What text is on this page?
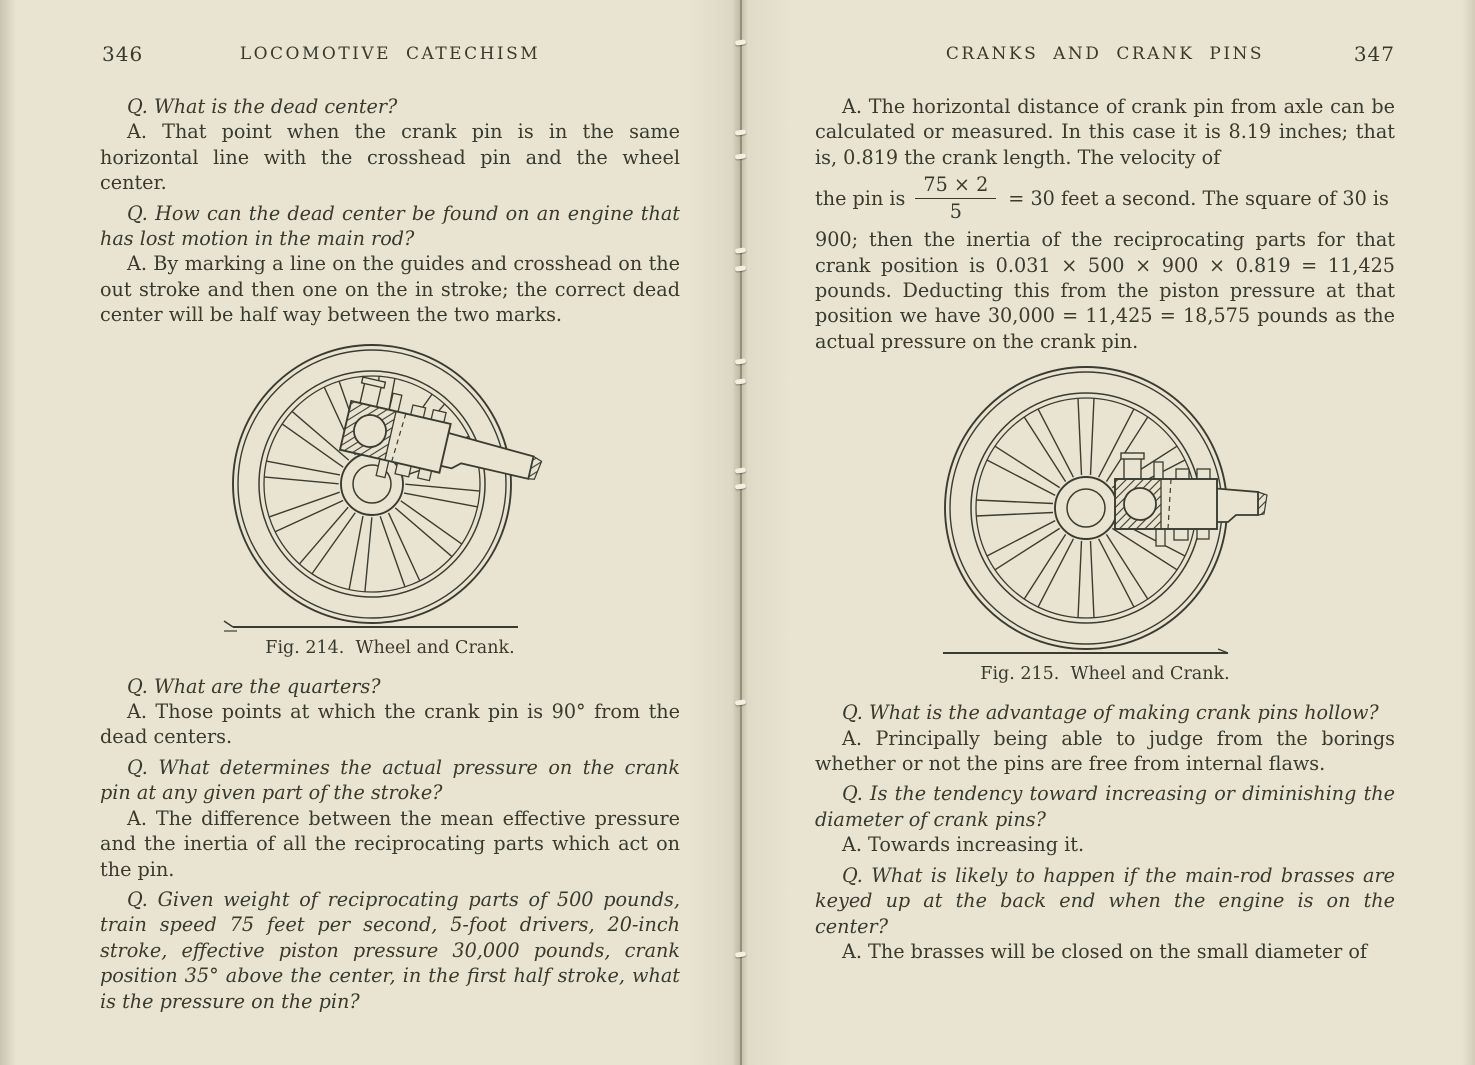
346	LOCOMOTIVE CATECHISM

Q. What is the dead center?

A. That point when the crank pin is in the same horizontal line with the crosshead pin and the wheel center.

Q. How can the dead center be found on an engine that has lost motion in the main rod?

A. By marking a line on the guides and crosshead on the out stroke and then one on the in stroke; the correct dead center will be half way between the two marks.

Fig. 214.  Wheel and Crank.

Q. What are the quarters?

A. Those points at which the crank pin is 90° from the dead centers.

Q. What determines the actual pressure on the crank pin at any given part of the stroke?

A. The difference between the mean effective pressure and the inertia of all the reciprocating parts which act on the pin.

Q. Given weight of reciprocating parts of 500 pounds, train speed 75 feet per second, 5-foot drivers, 20-inch stroke, effective piston pressure 30,000 pounds, crank position 35° above the center, in the first half stroke, what is the pressure on the pin?

CRANKS AND CRANK PINS	347

A. The horizontal distance of crank pin from axle can be calculated or measured. In this case it is 8.19 inches; that is, 0.819 the crank length. The velocity of

the pin is $\frac{75 \times 2}{5} = 30$ feet a second. The square of 30 is

900; then the inertia of the reciprocating parts for that crank position is 0.031 × 500 × 900 × 0.819 = 11,425 pounds. Deducting this from the piston pressure at that position we have 30,000 = 11,425 = 18,575 pounds as the actual pressure on the crank pin.

Fig. 215.  Wheel and Crank.

Q. What is the advantage of making crank pins hollow?

A. Principally being able to judge from the borings whether or not the pins are free from internal flaws.

Q. Is the tendency toward increasing or diminishing the diameter of crank pins?

A. Towards increasing it.

Q. What is likely to happen if the main-rod brasses are keyed up at the back end when the engine is on the center?

A. The brasses will be closed on the small diameter of
